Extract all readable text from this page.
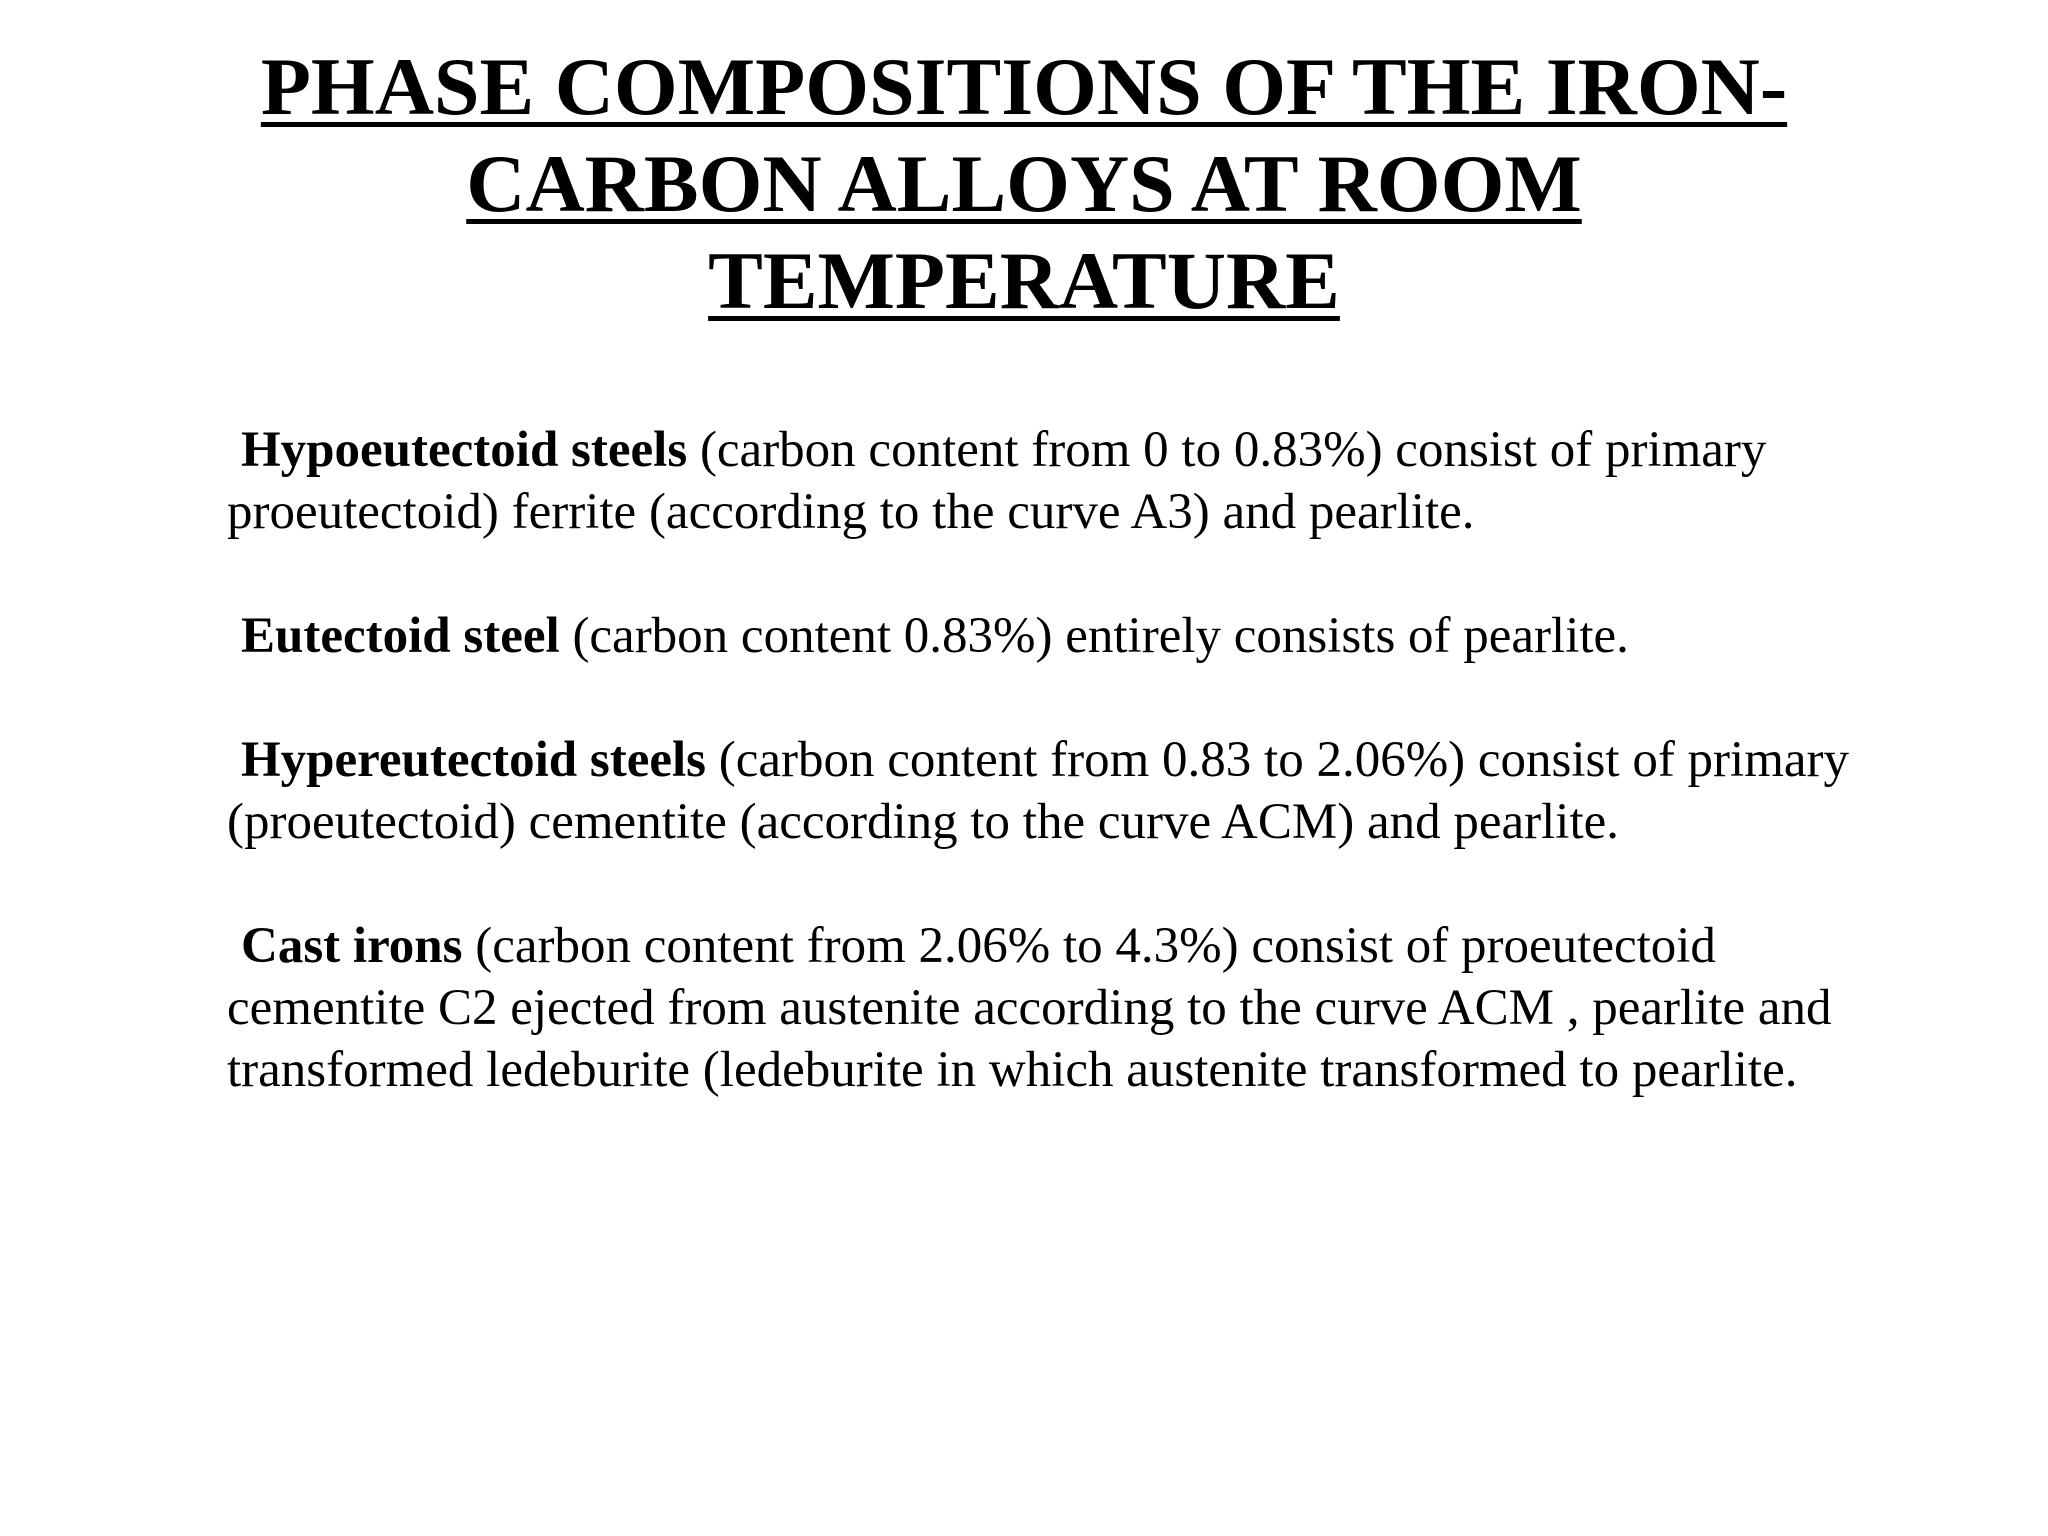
PHASE COMPOSITIONS OF THE IRON-
CARBON ALLOYS AT ROOM
TEMPERATURE

Hypoeutectoid steels (carbon content from 0 to 0.83%) consist of primary
proeutectoid) ferrite (according to the curve A3) and pearlite.

Eutectoid steel (carbon content 0.83%) entirely consists of pearlite.

Hypereutectoid steels (carbon content from 0.83 to 2.06%) consist of primary
(proeutectoid) cementite (according to the curve ACM) and pearlite.

Cast irons (carbon content from 2.06% to 4.3%) consist of proeutectoid
cementite C2 ejected from austenite according to the curve ACM , pearlite and
transformed ledeburite (ledeburite in which austenite transformed to pearlite.
